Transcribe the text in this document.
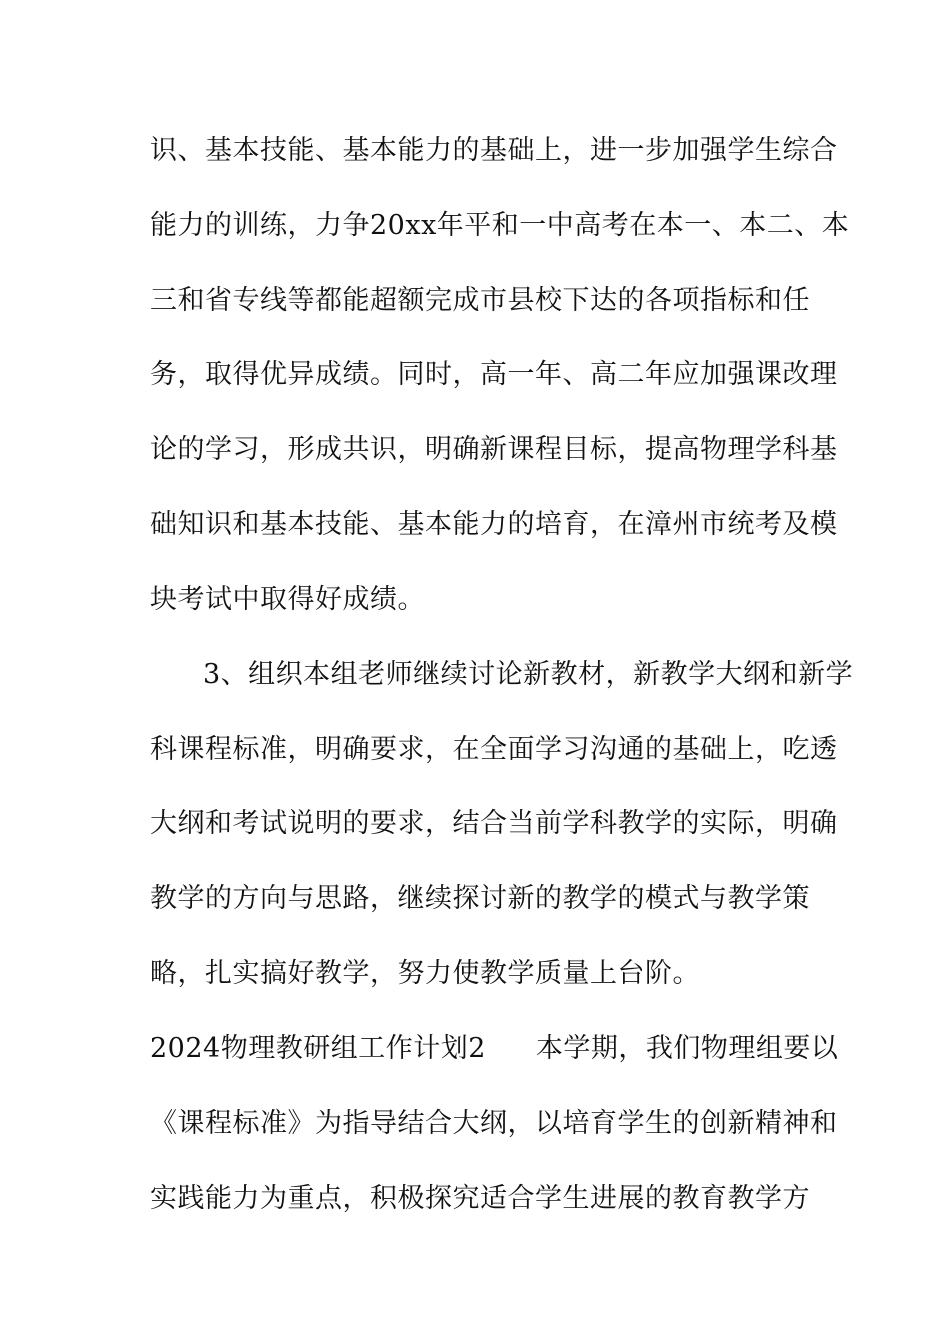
识、基本技能、基本能力的基础上，进一步加强学生综合
能力的训练，力争20xx年平和一中高考在本一、本二、本
三和省专线等都能超额完成市县校下达的各项指标和任
务，取得优异成绩。同时，高一年、高二年应加强课改理
论的学习，形成共识，明确新课程目标，提高物理学科基
础知识和基本技能、基本能力的培育，在漳州市统考及模
块考试中取得好成绩。
3、组织本组老师继续讨论新教材，新教学大纲和新学
科课程标准，明确要求，在全面学习沟通的基础上，吃透
大纲和考试说明的要求，结合当前学科教学的实际，明确
教学的方向与思路，继续探讨新的教学的模式与教学策
略，扎实搞好教学，努力使教学质量上台阶。
2024物理教研组工作计划2 本学期，我们物理组要以
《课程标准》为指导结合大纲，以培育学生的创新精神和
实践能力为重点，积极探究适合学生进展的教育教学方
